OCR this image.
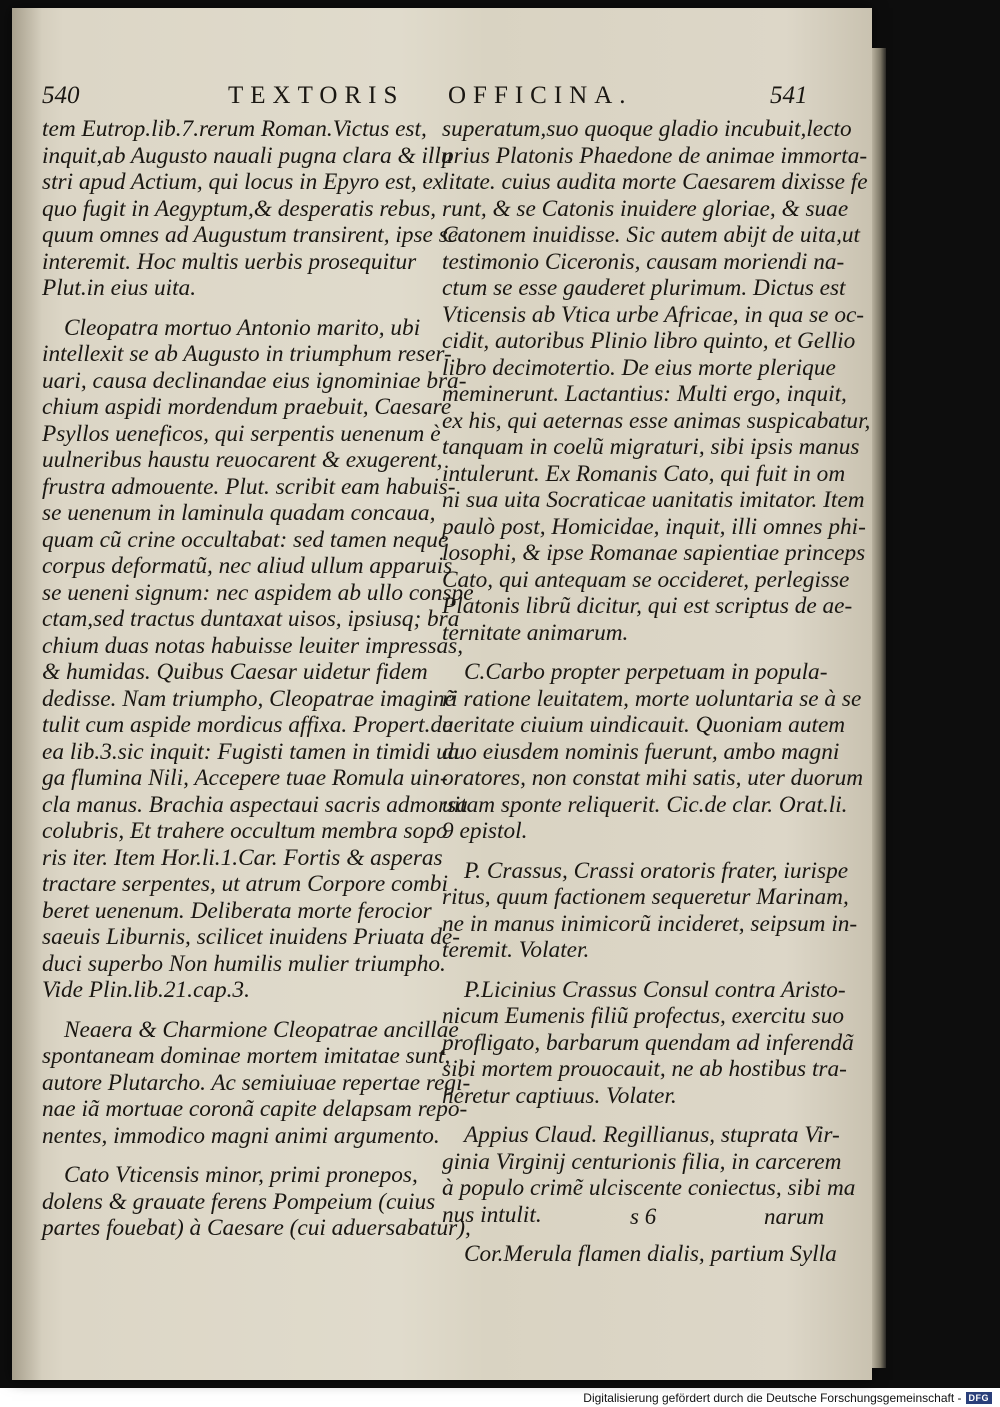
540	TEXTORIS OFFICINA.	541
tem Eutrop.lib.7.rerum Roman.Victus est,
inquit,ab Augusto nauali pugna clara & illu
stri apud Actium, qui locus in Epyro est, ex
quo fugit in Aegyptum,& desperatis rebus,
quum omnes ad Augustum transirent, ipse se
interemit. Hoc multis uerbis prosequitur
Plut.in eius uita.
Cleopatra mortuo Antonio marito, ubi
intellexit se ab Augusto in triumphum reser-
uari, causa declinandae eius ignominiae bra-
chium aspidi mordendum praebuit, Caesare
Psyllos ueneficos, qui serpentis uenenum è
uulneribus haustu reuocarent & exugerent,
frustra admouente. Plut. scribit eam habuis-
se uenenum in laminula quadam concaua,
quam cũ crine occultabat: sed tamen neque
corpus deformatũ, nec aliud ullum apparuis
se ueneni signum: nec aspidem ab ullo conspe
ctam,sed tractus duntaxat uisos, ipsiusq; bra
chium duas notas habuisse leuiter impressas,
& humidas. Quibus Caesar uidetur fidem
dedisse. Nam triumpho, Cleopatrae imaginẽ
tulit cum aspide mordicus affixa. Propert.de
ea lib.3.sic inquit: Fugisti tamen in timidi ua
ga flumina Nili, Accepere tuae Romula uin-
cla manus. Brachia aspectaui sacris admorsa
colubris, Et trahere occultum membra sopo
ris iter. Item Hor.li.1.Car. Fortis & asperas
tractare serpentes, ut atrum Corpore combi
beret uenenum. Deliberata morte ferocior
saeuis Liburnis, scilicet inuidens Priuata de-
duci superbo Non humilis mulier triumpho.
Vide Plin.lib.21.cap.3.
Neaera & Charmione Cleopatrae ancillae
spontaneam dominae mortem imitatae sunt,
autore Plutarcho. Ac semiuiuae repertae regi-
nae iã mortuae coronã capite delapsam repo-
nentes, immodico magni animi argumento.
Cato Vticensis minor, primi pronepos,
dolens & grauate ferens Pompeium (cuius
partes fouebat) à Caesare (cui aduersabatur),
superatum,suo quoque gladio incubuit,lecto
prius Platonis Phaedone de animae immorta-
litate. cuius audita morte Caesarem dixisse fe
runt, & se Catonis inuidere gloriae, & suae
Catonem inuidisse. Sic autem abijt de uita,ut
testimonio Ciceronis, causam moriendi na-
ctum se esse gauderet plurimum. Dictus est
Vticensis ab Vtica urbe Africae, in qua se oc-
cidit, autoribus Plinio libro quinto, et Gellio
libro decimotertio. De eius morte plerique
meminerunt. Lactantius: Multi ergo, inquit,
ex his, qui aeternas esse animas suspicabatur,
tanquam in coelũ migraturi, sibi ipsis manus
intulerunt. Ex Romanis Cato, qui fuit in om
ni sua uita Socraticae uanitatis imitator. Item
paulò post, Homicidae, inquit, illi omnes phi-
losophi, & ipse Romanae sapientiae princeps
Cato, qui antequam se occideret, perlegisse
Platonis librũ dicitur, qui est scriptus de ae-
ternitate animarum.
C.Carbo propter perpetuam in popula-
ri ratione leuitatem, morte uoluntaria se à se
ueritate ciuium uindicauit. Quoniam autem
duo eiusdem nominis fuerunt, ambo magni
oratores, non constat mihi satis, uter duorum
uitam sponte reliquerit. Cic.de clar. Orat.li.
9 epistol.
P. Crassus, Crassi oratoris frater, iurispe
ritus, quum factionem sequeretur Marinam,
ne in manus inimicorũ incideret, seipsum in-
teremit. Volater.
P.Licinius Crassus Consul contra Aristo-
nicum Eumenis filiũ profectus, exercitu suo
profligato, barbarum quendam ad inferendã
sibi mortem prouocauit, ne ab hostibus tra-
heretur captiuus. Volater.
Appius Claud. Regillianus, stuprata Vir-
ginia Virginij centurionis filia, in carcerem
à populo crimẽ ulciscente coniectus, sibi ma
nus intulit.
Cor.Merula flamen dialis, partium Sylla
s 6	narum
Digitalisierung gefördert durch die Deutsche Forschungsgemeinschaft - DFG
